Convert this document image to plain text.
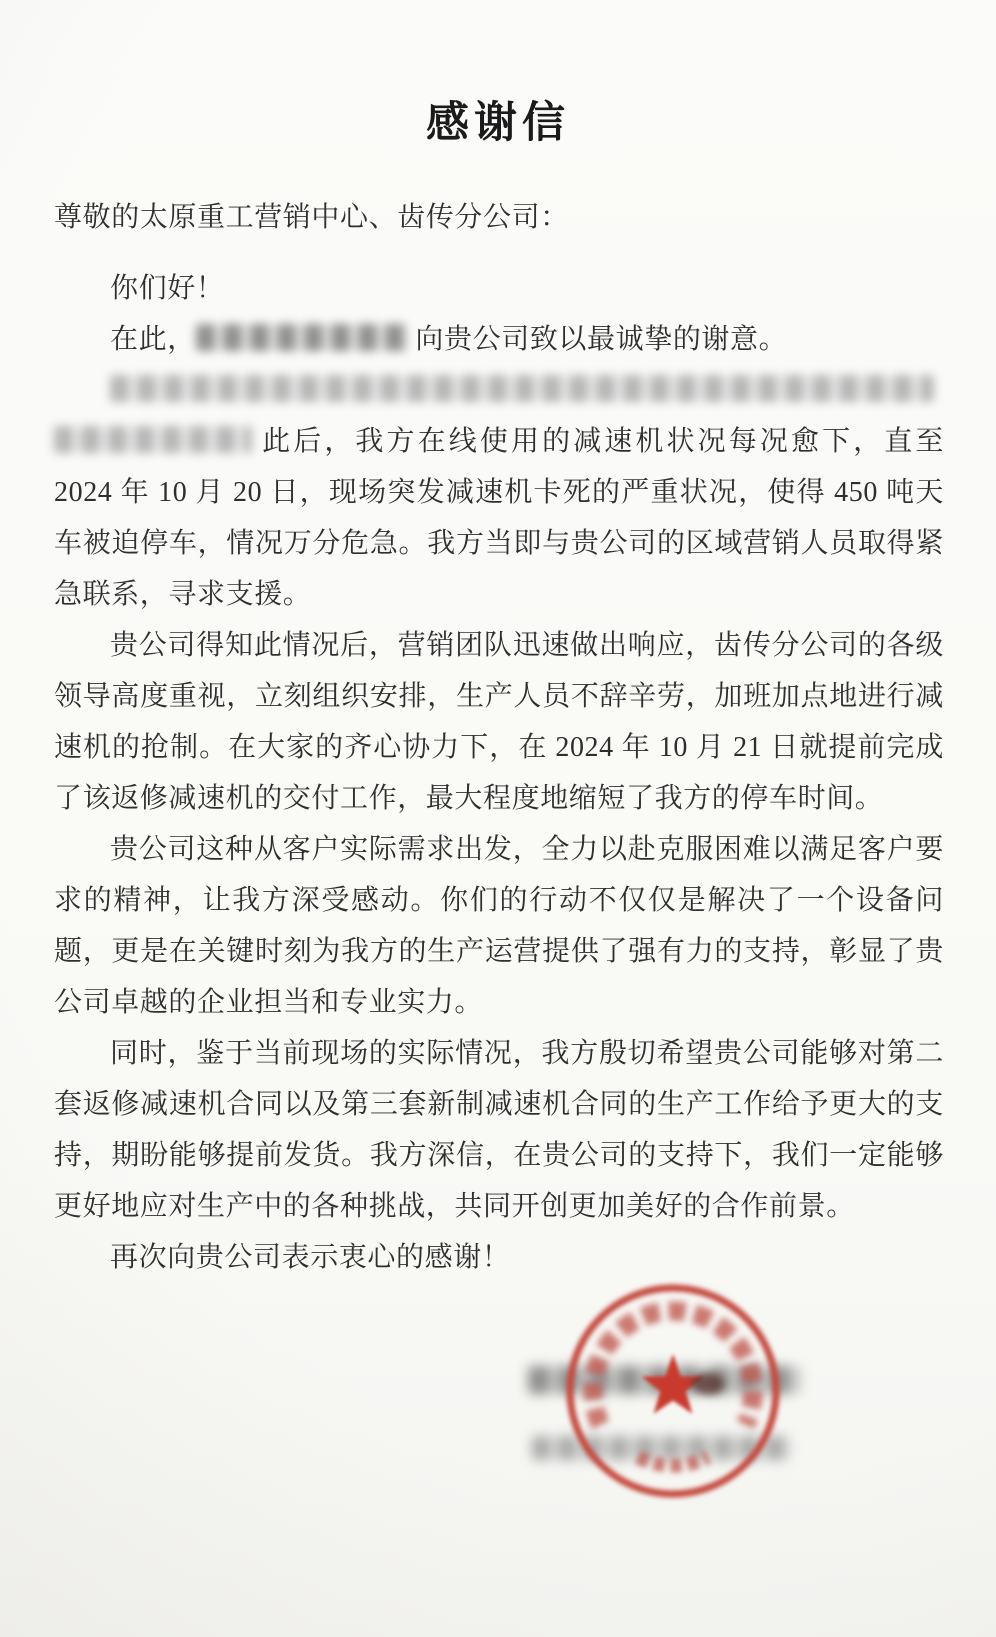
感谢信

尊敬的太原重工营销中心、齿传分公司：

你们好！

在此，	向贵公司致以最诚挚的谢意。

此后，我方在线使用的减速机状况每况愈下，直至 2024 年 10 月 20 日，现场突发减速机卡死的严重状况，使得 450 吨天车被迫停车，情况万分危急。我方当即与贵公司的区域营销人员取得紧急联系，寻求支援。

贵公司得知此情况后，营销团队迅速做出响应，齿传分公司的各级领导高度重视，立刻组织安排，生产人员不辞辛劳，加班加点地进行减速机的抢制。在大家的齐心协力下，在 2024 年 10 月 21 日就提前完成了该返修减速机的交付工作，最大程度地缩短了我方的停车时间。

贵公司这种从客户实际需求出发，全力以赴克服困难以满足客户要求的精神，让我方深受感动。你们的行动不仅仅是解决了一个设备问题，更是在关键时刻为我方的生产运营提供了强有力的支持，彰显了贵公司卓越的企业担当和专业实力。

同时，鉴于当前现场的实际情况，我方殷切希望贵公司能够对第二套返修减速机合同以及第三套新制减速机合同的生产工作给予更大的支持，期盼能够提前发货。我方深信，在贵公司的支持下，我们一定能够更好地应对生产中的各种挑战，共同开创更加美好的合作前景。

再次向贵公司表示衷心的感谢！
